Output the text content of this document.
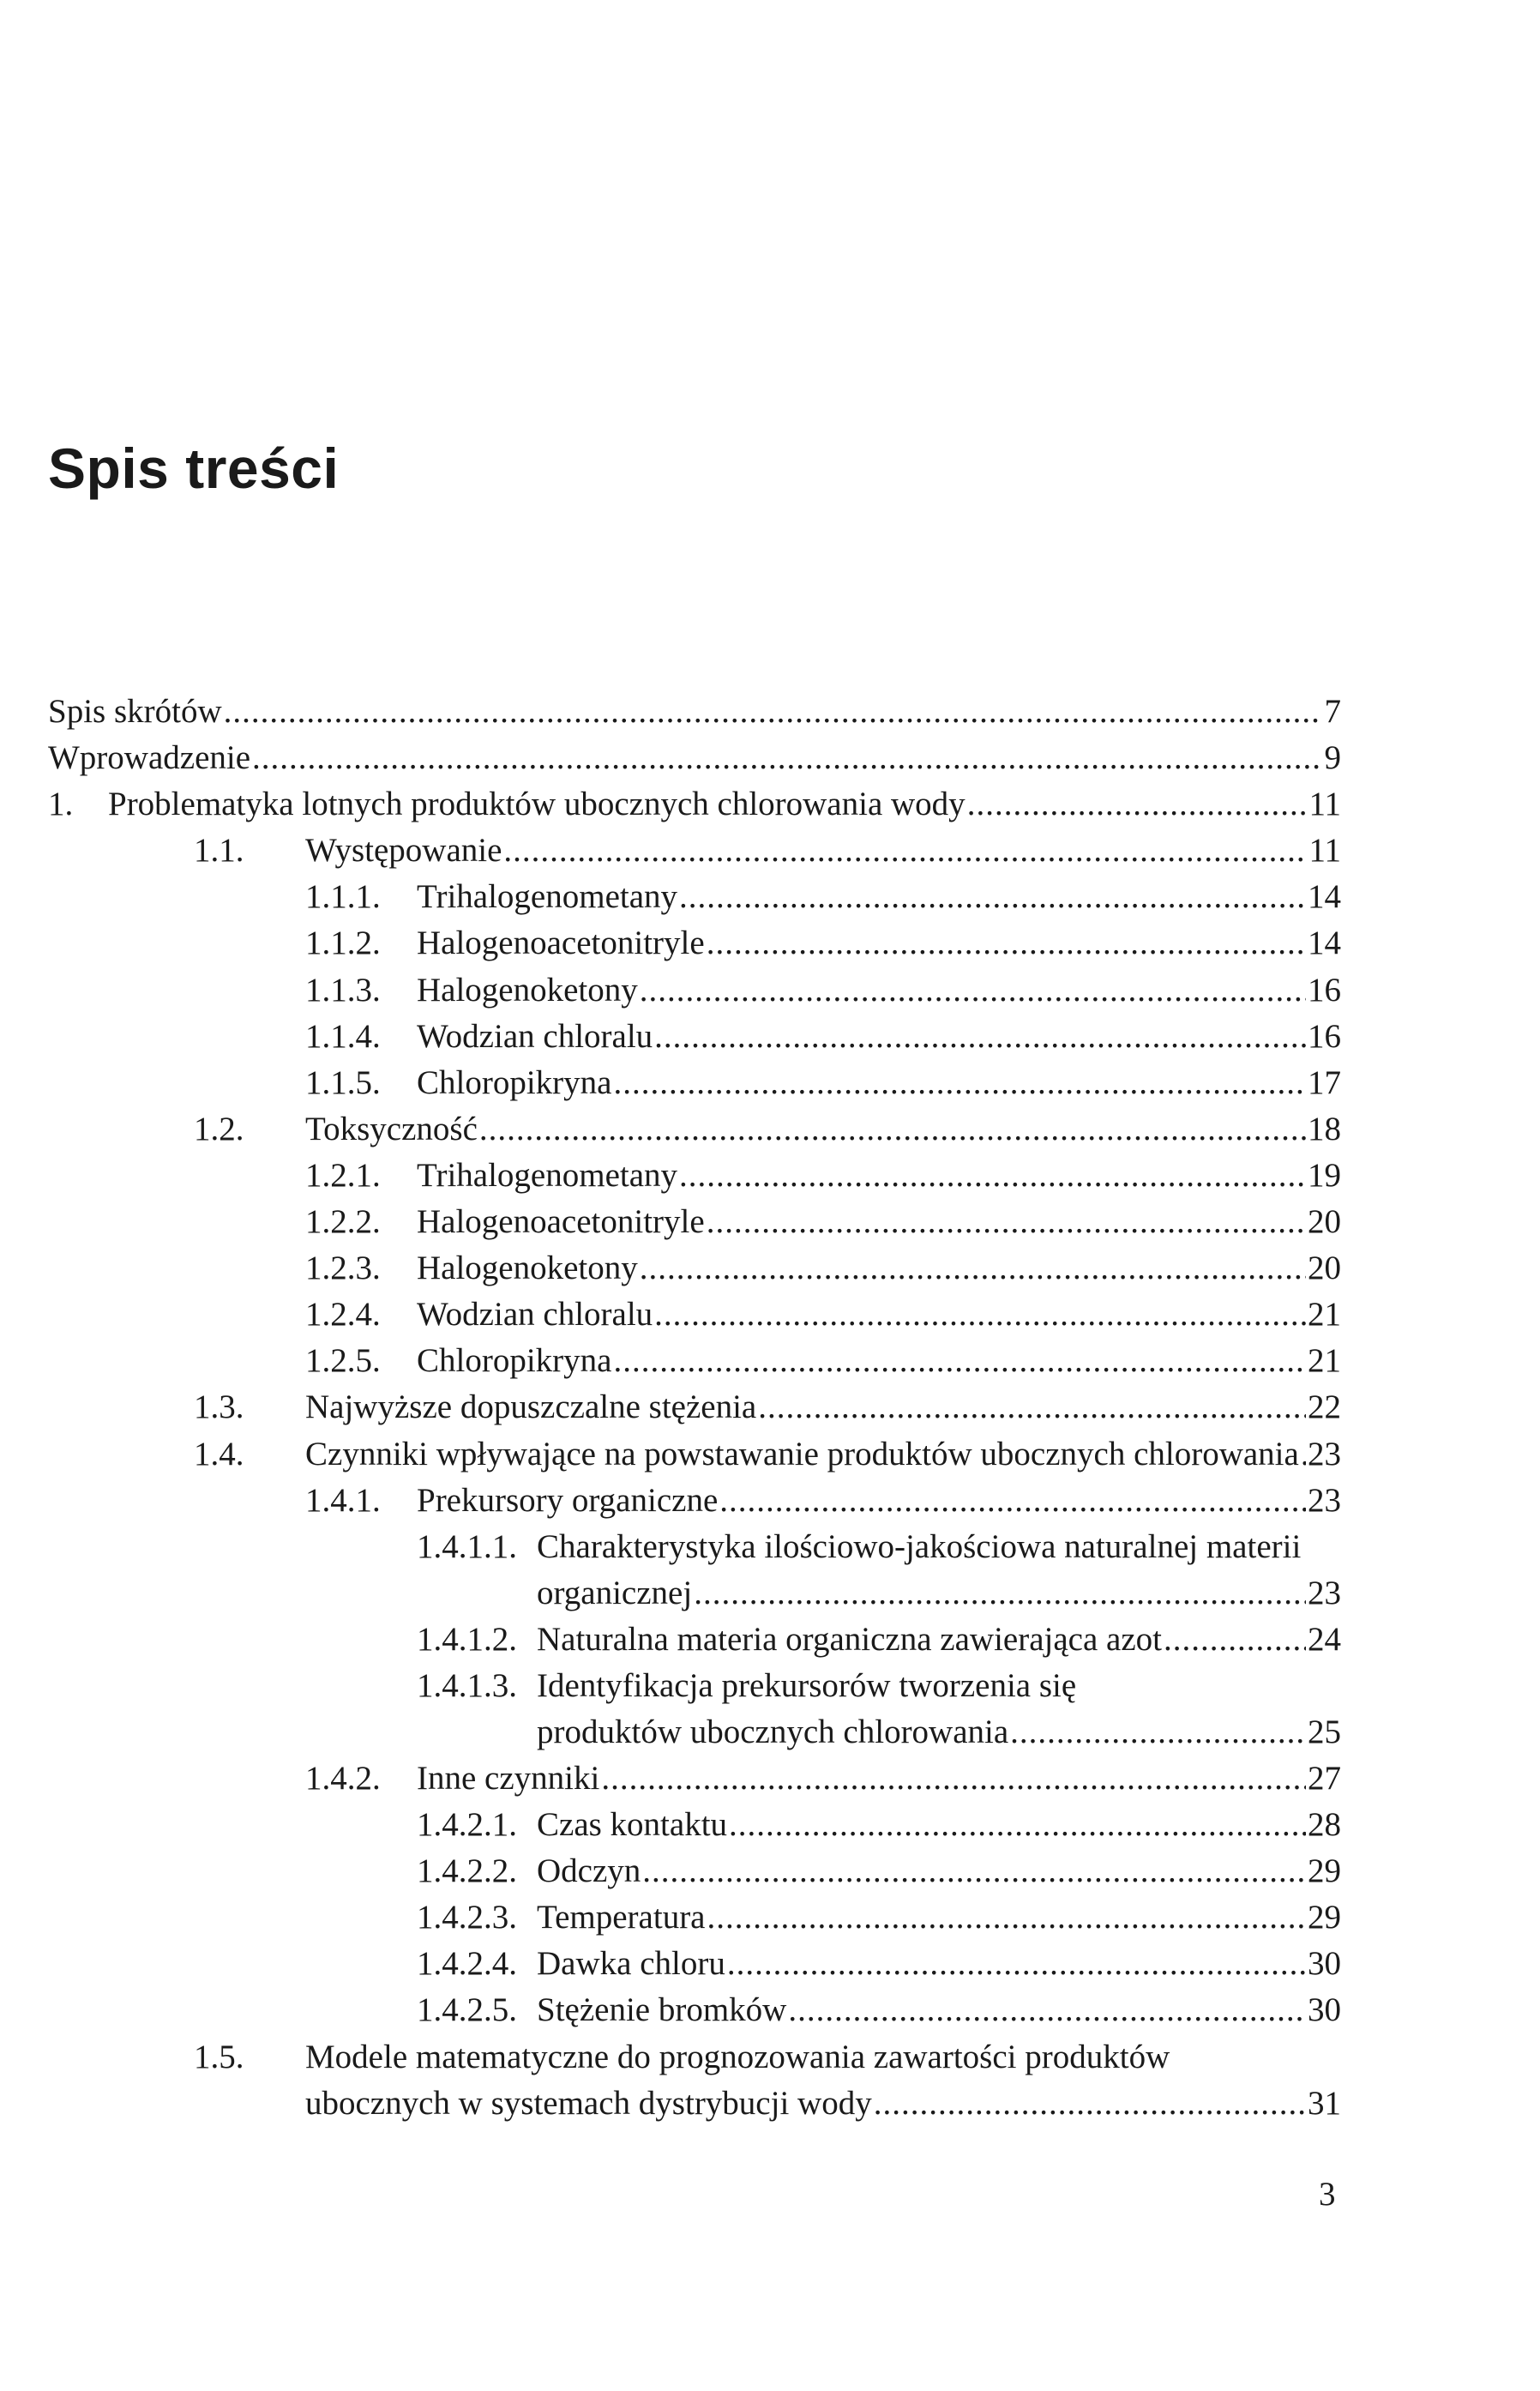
Spis treści
Spis skrótów .....	7
Wprowadzenie .....	9
1. Problematyka lotnych produktów ubocznych chlorowania wody .....	11
1.1. Występowanie .....	11
1.1.1. Trihalogenometany .....	14
1.1.2. Halogenoacetonitryle .....	14
1.1.3. Halogenoketony .....	16
1.1.4. Wodzian chloralu .....	16
1.1.5. Chloropikryna .....	17
1.2. Toksyczność .....	18
1.2.1. Trihalogenometany .....	19
1.2.2. Halogenoacetonitryle .....	20
1.2.3. Halogenoketony .....	20
1.2.4. Wodzian chloralu .....	21
1.2.5. Chloropikryna .....	21
1.3. Najwyższe dopuszczalne stężenia .....	22
1.4. Czynniki wpływające na powstawanie produktów ubocznych chlorowania ..... 23
1.4.1. Prekursory organiczne .....	23
1.4.1.1. Charakterystyka ilościowo-jakościowa naturalnej materii
organicznej .....	23
1.4.1.2. Naturalna materia organiczna zawierająca azot .....	24
1.4.1.3. Identyfikacja prekursorów tworzenia się
produktów ubocznych chlorowania .....	25
1.4.2. Inne czynniki .....	27
1.4.2.1. Czas kontaktu .....	28
1.4.2.2. Odczyn .....	29
1.4.2.3. Temperatura .....	29
1.4.2.4. Dawka chloru .....	30
1.4.2.5. Stężenie bromków .....	30
1.5. Modele matematyczne do prognozowania zawartości produktów
ubocznych w systemach dystrybucji wody .....	31

3
